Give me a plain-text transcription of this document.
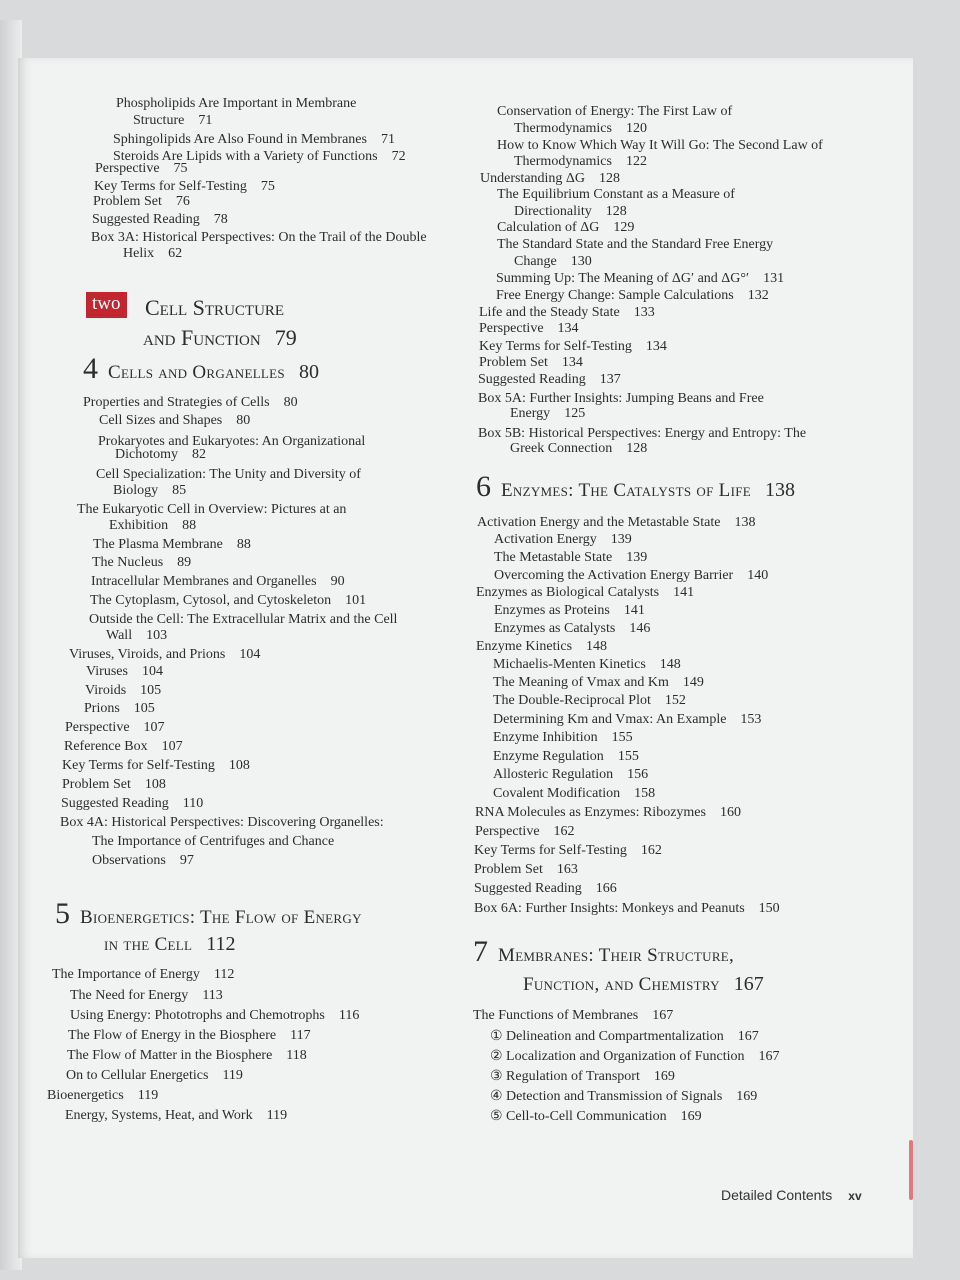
Phospholipids Are Important in Membrane
Structure 71
Sphingolipids Are Also Found in Membranes 71
Steroids Are Lipids with a Variety of Functions 72
Perspective 75
Key Terms for Self-Testing 75
Problem Set 76
Suggested Reading 78
Box 3A: Historical Perspectives: On the Trail of the Double
Helix 62
two Cell Structure
and Function 79
4 Cells and Organelles 80
Properties and Strategies of Cells 80
Cell Sizes and Shapes 80
Prokaryotes and Eukaryotes: An Organizational
Dichotomy 82
Cell Specialization: The Unity and Diversity of
Biology 85
The Eukaryotic Cell in Overview: Pictures at an
Exhibition 88
The Plasma Membrane 88
The Nucleus 89
Intracellular Membranes and Organelles 90
The Cytoplasm, Cytosol, and Cytoskeleton 101
Outside the Cell: The Extracellular Matrix and the Cell
Wall 103
Viruses, Viroids, and Prions 104
Viruses 104
Viroids 105
Prions 105
Perspective 107
Reference Box 107
Key Terms for Self-Testing 108
Problem Set 108
Suggested Reading 110
Box 4A: Historical Perspectives: Discovering Organelles:
The Importance of Centrifuges and Chance
Observations 97
5 Bioenergetics: The Flow of Energy
in the Cell 112
The Importance of Energy 112
The Need for Energy 113
Using Energy: Phototrophs and Chemotrophs 116
The Flow of Energy in the Biosphere 117
The Flow of Matter in the Biosphere 118
On to Cellular Energetics 119
Bioenergetics 119
Energy, Systems, Heat, and Work 119
Conservation of Energy: The First Law of
Thermodynamics 120
How to Know Which Way It Will Go: The Second Law of
Thermodynamics 122
Understanding ΔG 128
The Equilibrium Constant as a Measure of
Directionality 128
Calculation of ΔG 129
The Standard State and the Standard Free Energy
Change 130
Summing Up: The Meaning of ΔG′ and ΔG°′ 131
Free Energy Change: Sample Calculations 132
Life and the Steady State 133
Perspective 134
Key Terms for Self-Testing 134
Problem Set 134
Suggested Reading 137
Box 5A: Further Insights: Jumping Beans and Free
Energy 125
Box 5B: Historical Perspectives: Energy and Entropy: The
Greek Connection 128
6 Enzymes: The Catalysts of Life 138
Activation Energy and the Metastable State 138
Activation Energy 139
The Metastable State 139
Overcoming the Activation Energy Barrier 140
Enzymes as Biological Catalysts 141
Enzymes as Proteins 141
Enzymes as Catalysts 146
Enzyme Kinetics 148
Michaelis-Menten Kinetics 148
The Meaning of Vmax and Km 149
The Double-Reciprocal Plot 152
Determining Km and Vmax: An Example 153
Enzyme Inhibition 155
Enzyme Regulation 155
Allosteric Regulation 156
Covalent Modification 158
RNA Molecules as Enzymes: Ribozymes 160
Perspective 162
Key Terms for Self-Testing 162
Problem Set 163
Suggested Reading 166
Box 6A: Further Insights: Monkeys and Peanuts 150
7 Membranes: Their Structure,
Function, and Chemistry 167
The Functions of Membranes 167
① Delineation and Compartmentalization 167
② Localization and Organization of Function 167
③ Regulation of Transport 169
④ Detection and Transmission of Signals 169
⑤ Cell-to-Cell Communication 169
Detailed Contents xv
